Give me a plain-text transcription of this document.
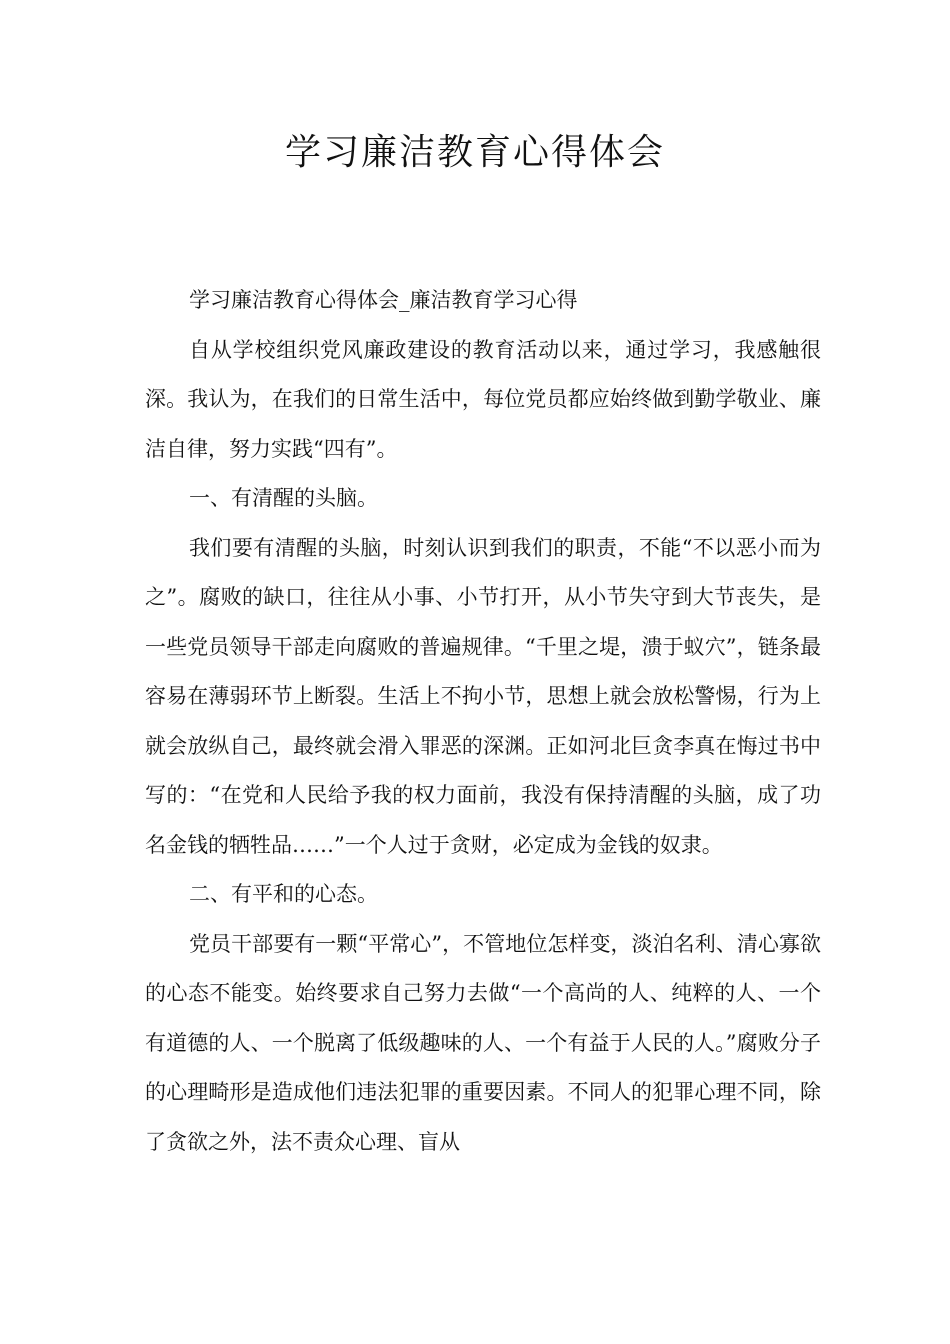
学习廉洁教育心得体会

学习廉洁教育心得体会_廉洁教育学习心得

自从学校组织党风廉政建设的教育活动以来，通过学习，我感触很深。我认为，在我们的日常生活中，每位党员都应始终做到勤学敬业、廉洁自律，努力实践“四有”。

一、有清醒的头脑。

我们要有清醒的头脑，时刻认识到我们的职责，不能“不以恶小而为之”。腐败的缺口，往往从小事、小节打开，从小节失守到大节丧失，是一些党员领导干部走向腐败的普遍规律。“千里之堤，溃于蚁穴”，链条最容易在薄弱环节上断裂。生活上不拘小节，思想上就会放松警惕，行为上就会放纵自己，最终就会滑入罪恶的深渊。正如河北巨贪李真在悔过书中写的：“在党和人民给予我的权力面前，我没有保持清醒的头脑，成了功名金钱的牺牲品……”一个人过于贪财，必定成为金钱的奴隶。

二、有平和的心态。

党员干部要有一颗“平常心”，不管地位怎样变，淡泊名利、清心寡欲的心态不能变。始终要求自己努力去做“一个高尚的人、纯粹的人、一个有道德的人、一个脱离了低级趣味的人、一个有益于人民的人。”腐败分子的心理畸形是造成他们违法犯罪的重要因素。不同人的犯罪心理不同，除了贪欲之外，法不责众心理、盲从
